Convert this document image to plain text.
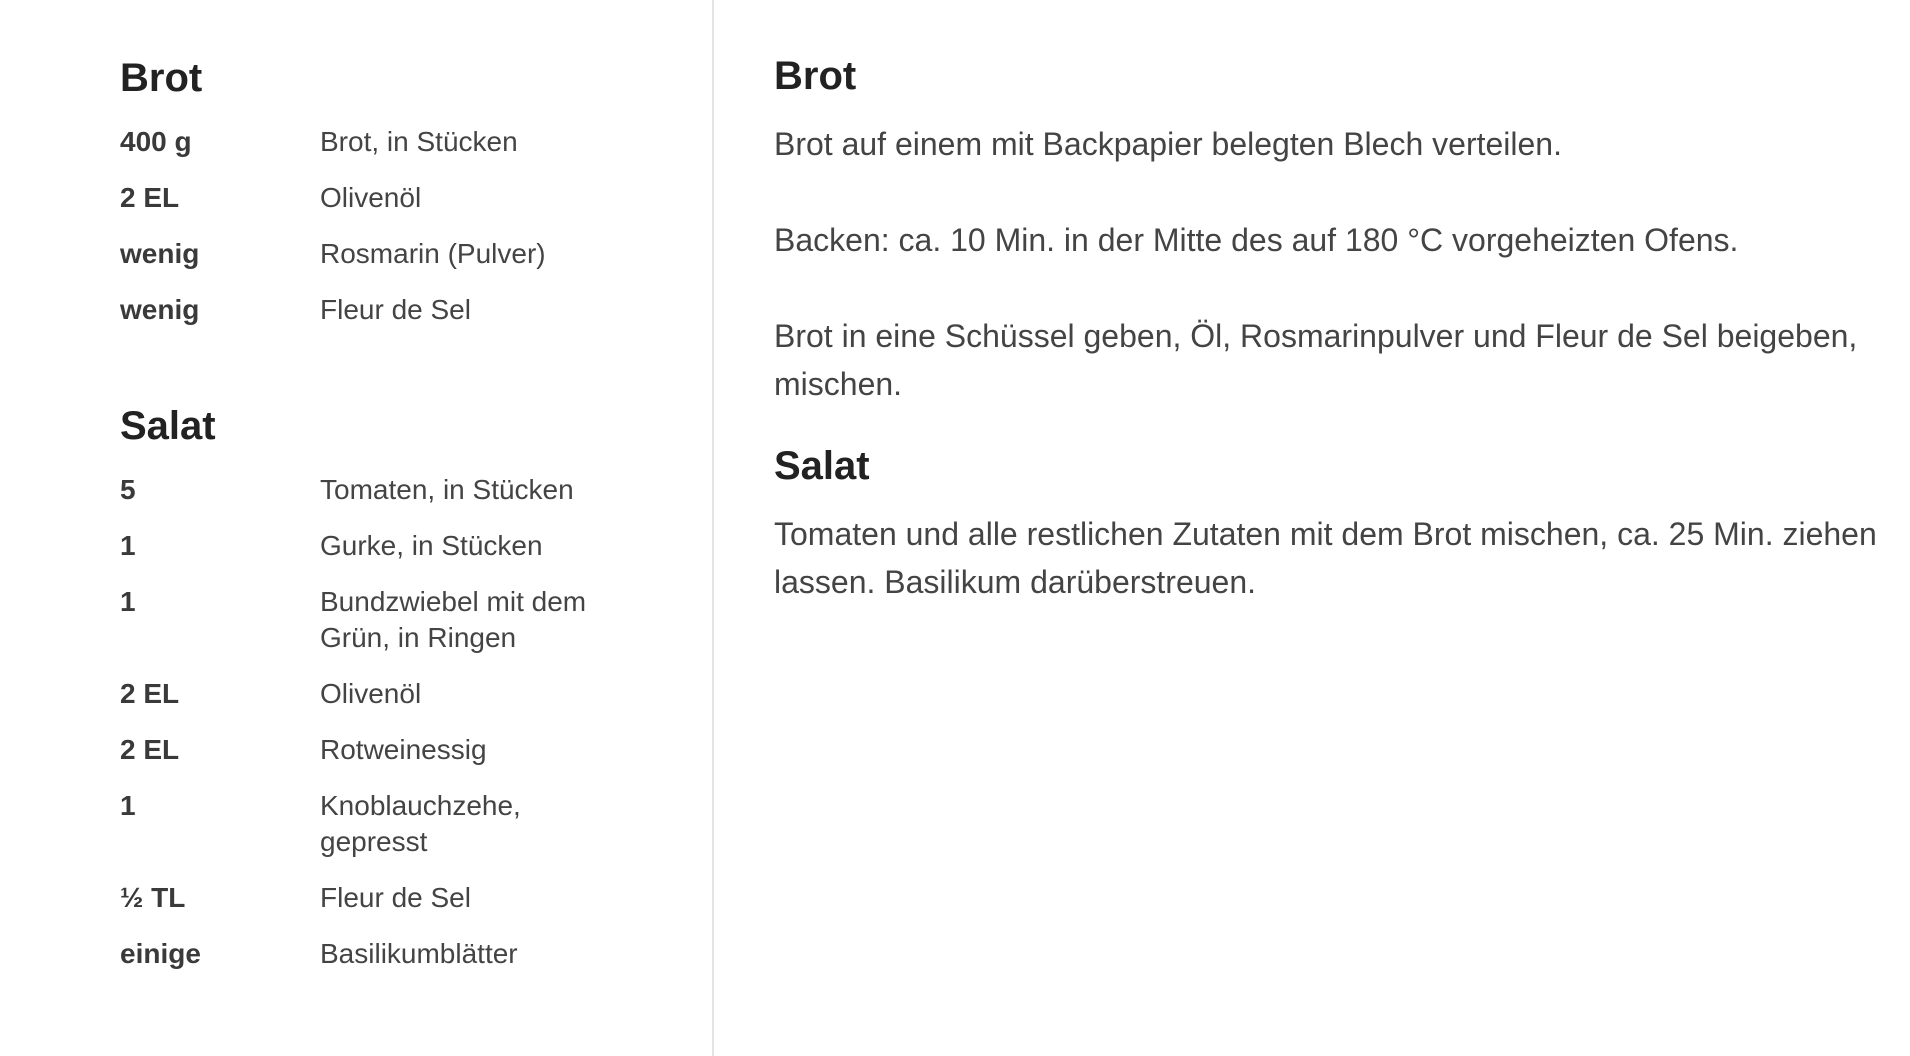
Brot
400 g	Brot, in Stücken
2 EL	Olivenöl
wenig	Rosmarin (Pulver)
wenig	Fleur de Sel
Salat
5	Tomaten, in Stücken
1	Gurke, in Stücken
1	Bundzwiebel mit dem Grün, in Ringen
2 EL	Olivenöl
2 EL	Rotweinessig
1	Knoblauchzehe, gepresst
½ TL	Fleur de Sel
einige	Basilikumblätter
Brot

Brot auf einem mit Backpapier belegten Blech verteilen.

Backen: ca. 10 Min. in der Mitte des auf 180 °C vorgeheizten Ofens.

Brot in eine Schüssel geben, Öl, Rosmarinpulver und Fleur de Sel beigeben, mischen.

Salat

Tomaten und alle restlichen Zutaten mit dem Brot mischen, ca. 25 Min. ziehen lassen. Basilikum darüberstreuen.
